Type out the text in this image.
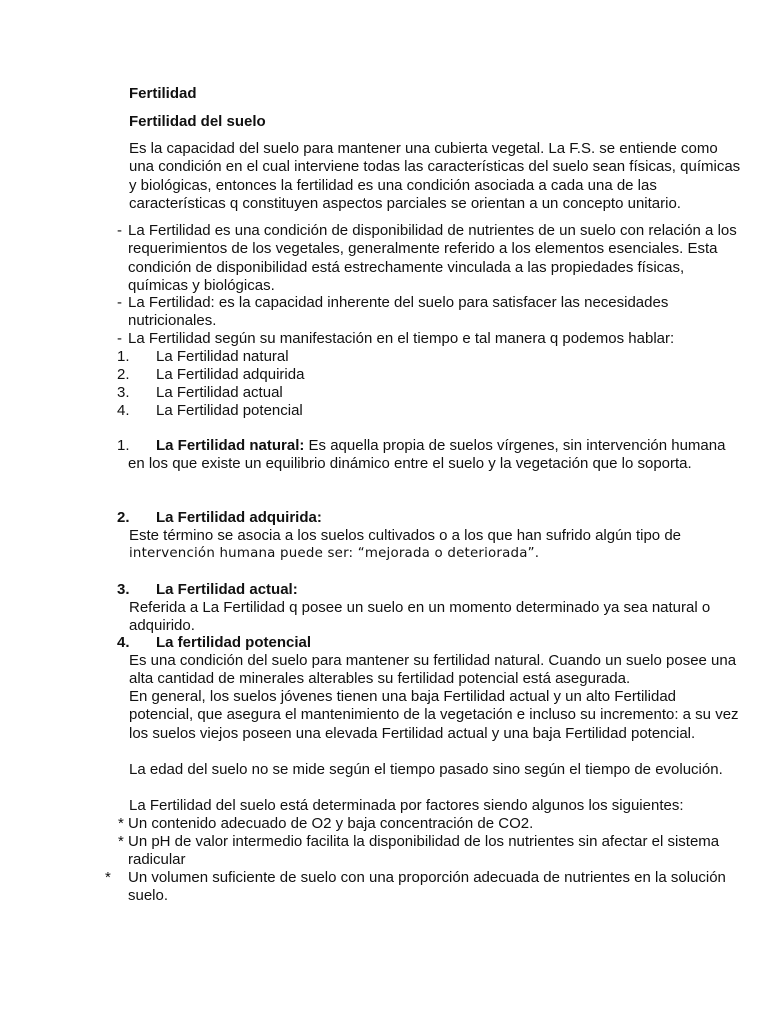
Fertilidad
Fertilidad del suelo

Es la capacidad del suelo para mantener una cubierta vegetal. La F.S. se entiende como una condición en el cual interviene todas las características del suelo sean físicas, químicas y biológicas, entonces la fertilidad es una condición asociada a cada una de las características q constituyen aspectos parciales se orientan a un concepto unitario.

- La Fertilidad es una condición de disponibilidad de nutrientes de un suelo con relación a los requerimientos de los vegetales, generalmente referido a los elementos esenciales. Esta condición de disponibilidad está estrechamente vinculada a las propiedades físicas, químicas y biológicas.

- La Fertilidad: es la capacidad inherente del suelo para satisfacer las necesidades nutricionales.

- La Fertilidad según su manifestación en el tiempo e tal manera q podemos hablar:

1. La Fertilidad natural
2. La Fertilidad adquirida
3. La Fertilidad actual
4. La Fertilidad potencial
1.	La Fertilidad natural: Es aquella propia de suelos vírgenes, sin intervención humana en los que existe un equilibrio dinámico entre el suelo y la vegetación que lo soporta.

2. La Fertilidad adquirida:
Este término se asocia a los suelos cultivados o a los que han sufrido algún tipo de
intervención humana puede ser: “mejorada o deteriorada”.
3. La Fertilidad actual:

Referida a La Fertilidad q posee un suelo en un momento determinado ya sea natural o adquirido.

4. La fertilidad potencial

Es una condición del suelo para mantener su fertilidad natural. Cuando un suelo posee una alta cantidad de minerales alterables su fertilidad potencial está asegurada.

En general, los suelos jóvenes tienen una baja Fertilidad actual y un alto Fertilidad potencial, que asegura el mantenimiento de la vegetación e incluso su incremento: a su vez los suelos viejos poseen una elevada Fertilidad actual y una baja Fertilidad potencial.

La edad del suelo no se mide según el tiempo pasado sino según el tiempo de evolución.

La Fertilidad del suelo está determinada por factores siendo algunos los siguientes:

* Un contenido adecuado de O2 y baja concentración de CO2.

* Un pH de valor intermedio facilita la disponibilidad de los nutrientes sin afectar el sistema radicular

* Un volumen suficiente de suelo con una proporción adecuada de nutrientes en la solución suelo.
